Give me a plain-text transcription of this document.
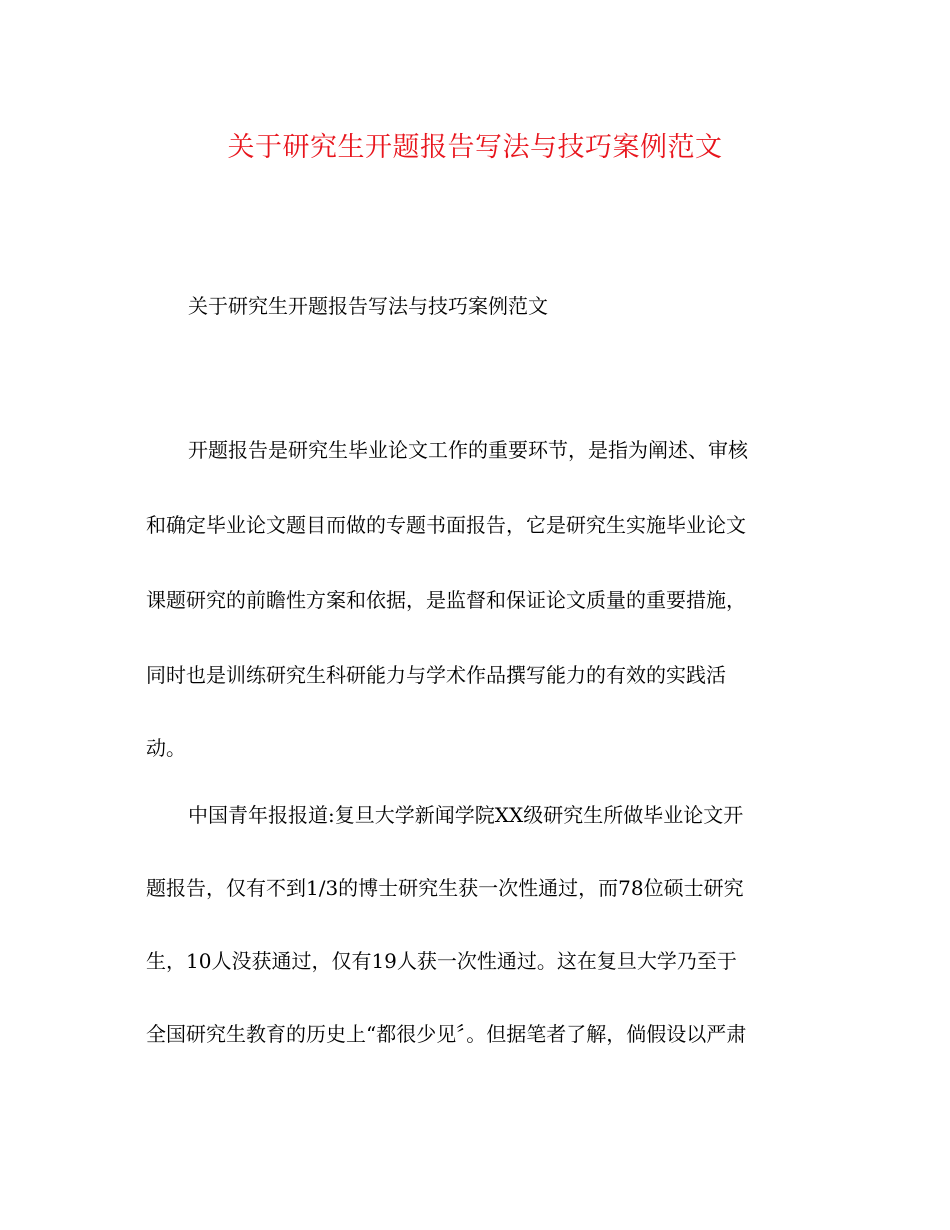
关于研究生开题报告写法与技巧案例范文

关于研究生开题报告写法与技巧案例范文

开题报告是研究生毕业论文工作的重要环节，是指为阐述、审核

和确定毕业论文题目而做的专题书面报告，它是研究生实施毕业论文

课题研究的前瞻性方案和依据，是监督和保证论文质量的重要措施，

同时也是训练研究生科研能力与学术作品撰写能力的有效的实践活

动。

中国青年报报道:复旦大学新闻学院XX级研究生所做毕业论文开

题报告，仅有不到1/3的博士研究生获一次性通过，而78位硕士研究

生，10人没获通过，仅有19人获一次性通过。这在复旦大学乃至于

全国研究生教育的历史上“都很少见〞。但据笔者了解，倘假设以严肃
